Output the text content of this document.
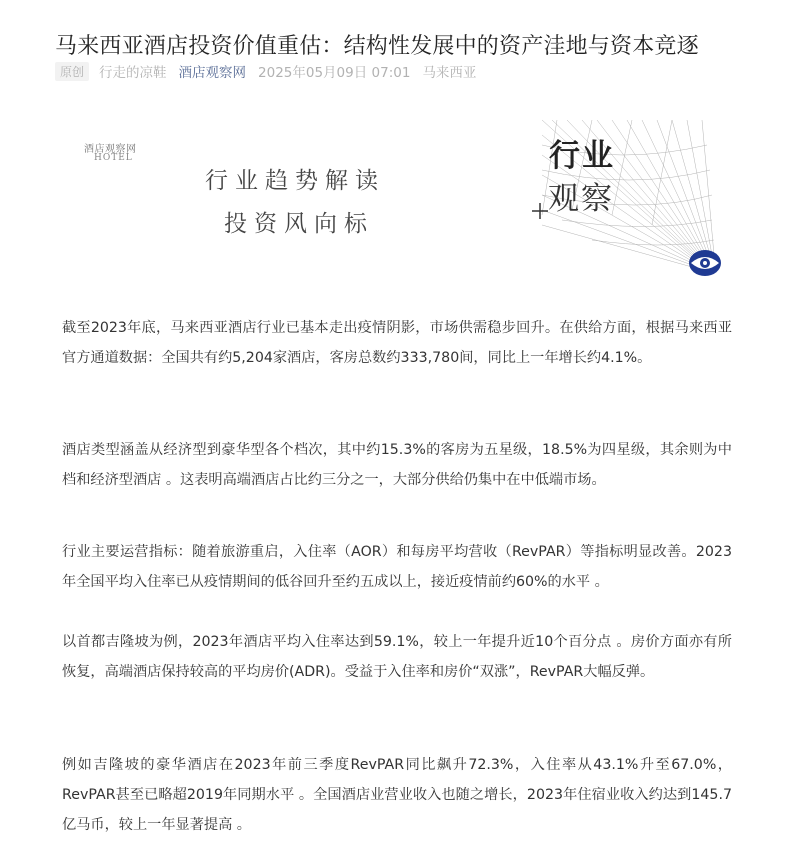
马来西亚酒店投资价值重估：结构性发展中的资产洼地与资本竞逐
原创	行走的凉鞋 酒店观察网 2025年05月09日 07:01 马来西亚
酒店观察网
HOTEL
行业趋势解读
投资风向标
行业
观察

截至2023年底，马来西亚酒店行业已基本走出疫情阴影，市场供需稳步回升。在供给方面，根据马来西亚官方通道数据：全国共有约5,204家酒店，客房总数约333,780间，同比上一年增长约4.1%。

酒店类型涵盖从经济型到豪华型各个档次，其中约15.3%的客房为五星级，18.5%为四星级，其余则为中档和经济型酒店 。这表明高端酒店占比约三分之一，大部分供给仍集中在中低端市场。

行业主要运营指标：随着旅游重启，入住率（AOR）和每房平均营收（RevPAR）等指标明显改善。2023年全国平均入住率已从疫情期间的低谷回升至约五成以上，接近疫情前约60%的水平 。

以首都吉隆坡为例，2023年酒店平均入住率达到59.1%，较上一年提升近10个百分点 。房价方面亦有所恢复，高端酒店保持较高的平均房价(ADR)。受益于入住率和房价“双涨”，RevPAR大幅反弹。

例如吉隆坡的豪华酒店在2023年前三季度RevPAR同比飙升72.3%，入住率从43.1%升至67.0%，RevPAR甚至已略超2019年同期水平 。全国酒店业营业收入也随之增长，2023年住宿业收入约达到145.7亿马币，较上一年显著提高 。
